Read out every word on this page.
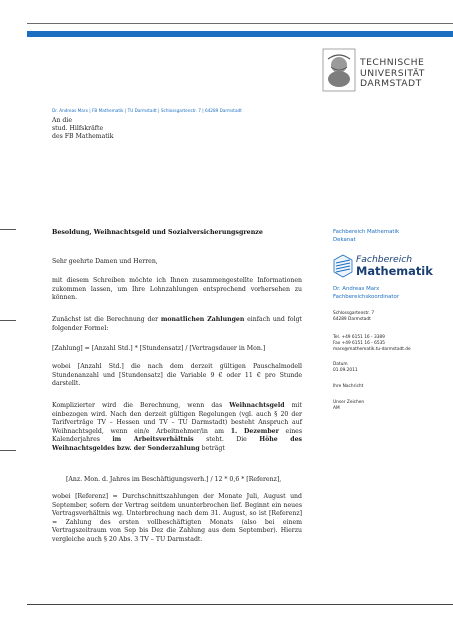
TECHNISCHE
UNIVERSITÄT
DARMSTADT
Dr. Andreas Marx | FB Mathematik | TU Darmstadt | Schlossgartenstr. 7 | 64289 Darmstadt
An die
stud. Hilfskräfte
des FB Mathematik
Besoldung, Weihnachtsgeld und Sozialversicherungsgrenze
Sehr geehrte Damen und Herren,
mit diesem Schreiben möchte ich Ihnen zusammengestellte Informationen zukommen lassen, um Ihre Lohnzahlungen entsprechend vorhersehen zu können.
Zunächst ist die Berechnung der monatlichen Zahlungen einfach und folgt folgender Formel:
[Zahlung] = [Anzahl Std.] * [Stundensatz] / [Vertragsdauer in Mon.]
wobei [Anzahl Std.] die nach dem derzeit gültigen Pauschalmodell Stundenanzahl und [Stundensatz] die Variable 9 € oder 11 € pro Stunde darstellt.
Komplizierter wird die Berechnung, wenn das Weihnachtsgeld mit einbezogen wird. Nach den derzeit gültigen Regelungen (vgl. auch § 20 der Tarifverträge TV – Hessen und TV – TU Darmstadt) besteht Anspruch auf Weihnachtsgeld, wenn ein/e Arbeitnehmer/in am 1. Dezember eines Kalenderjahres im Arbeitsverhältnis steht. Die Höhe des Weihnachtsgeldes bzw. der Sonderzahlung beträgt
[Anz. Mon. d. Jahres im Beschäftigungsverh.] / 12 * 0,6 * [Referenz],
wobei [Referenz] = Durchschnittszahlungen der Monate Juli, August und September, sofern der Vertrag seitdem ununterbrochen lief. Beginnt ein neues Vertragsverhältnis wg. Unterbrechung nach dem 31. August, so ist [Referenz] = Zahlung des ersten vollbeschäftigten Monats (also bei einem Vertragszeitraum von Sep bis Dez die Zahlung aus dem September). Hierzu vergleiche auch § 20 Abs. 3 TV – TU Darmstadt.
Fachbereich Mathematik
Dekanat
Fachbereich
Mathematik
Dr. Andreas Marx
Fachbereichskoordinator
Schlossgartenstr. 7
64289 Darmstadt
Tel. +49 6151 16 - 3389
Fax +49 6151 16 - 6535
marx@mathematik.tu-darmstadt.de
Datum
01.09.2011
Ihre Nachricht
Unser Zeichen
AM
